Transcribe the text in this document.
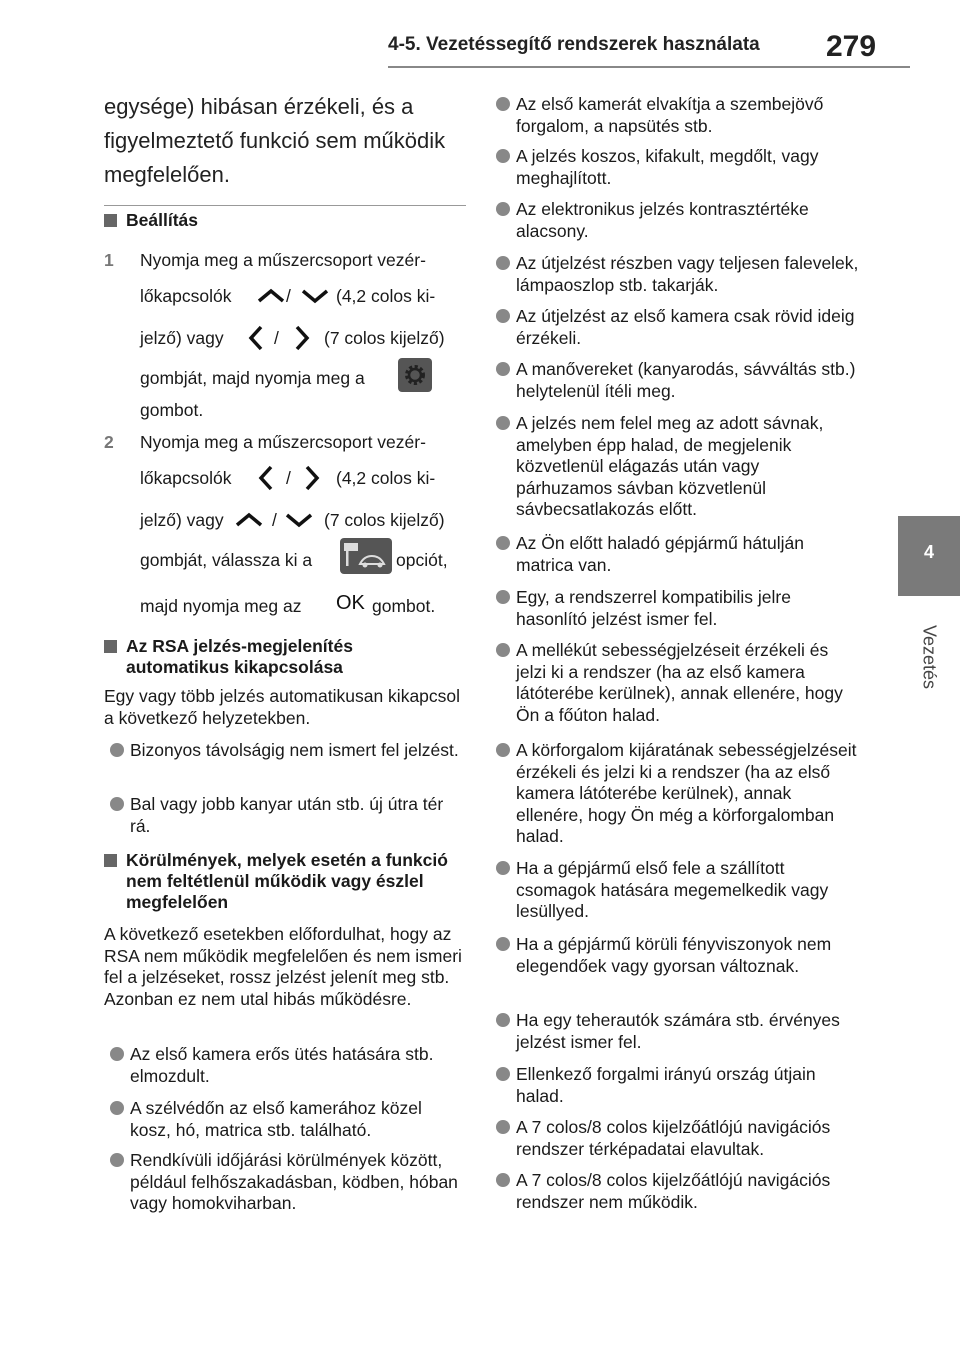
4-5. Vezetéssegítő rendszerek használata 279
4
Vezetés
egysége) hibásan érzékeli, és a figyelmeztető funkció sem működik megfelelően.
Beállítás
1 Nyomja meg a műszercsoport vezér-
lőkapcsolók	/	(4,2 colos ki-
jelző) vagy	/	(7 colos kijelző)
gombját, majd nyomja meg a
gombot.
2 Nyomja meg a műszercsoport vezér-
lőkapcsolók	/	(4,2 colos ki-
jelző) vagy	/	(7 colos kijelző)
gombját, válassza ki a	opciót,
majd nyomja meg az OK gombot.
Az RSA jelzés-megjelenítés automatikus kikapcsolása
Egy vagy több jelzés automatikusan kikapcsol a következő helyzetekben.
Bizonyos távolságig nem ismert fel jelzést.
Bal vagy jobb kanyar után stb. új útra tér rá.
Körülmények, melyek esetén a funkció nem feltétlenül működik vagy észlel megfelelően
A következő esetekben előfordulhat, hogy az RSA nem működik megfelelően és nem ismeri fel a jelzéseket, rossz jelzést jelenít meg stb. Azonban ez nem utal hibás működésre.
Az első kamera erős ütés hatására stb. elmozdult.
A szélvédőn az első kamerához közel kosz, hó, matrica stb. található.
Rendkívüli időjárási körülmények között, például felhőszakadásban, ködben, hóban vagy homokviharban.
Az első kamerát elvakítja a szembejövő forgalom, a napsütés stb.
A jelzés koszos, kifakult, megdőlt, vagy meghajlított.
Az elektronikus jelzés kontrasztértéke alacsony.
Az útjelzést részben vagy teljesen falevelek, lámpaoszlop stb. takarják.
Az útjelzést az első kamera csak rövid ideig érzékeli.
A manővereket (kanyarodás, sávváltás stb.) helytelenül ítéli meg.
A jelzés nem felel meg az adott sávnak, amelyben épp halad, de megjelenik közvetlenül elágazás után vagy párhuzamos sávban közvetlenül sávbecsatlakozás előtt.
Az Ön előtt haladó gépjármű hátulján matrica van.
Egy, a rendszerrel kompatibilis jelre hasonlító jelzést ismer fel.
A mellékút sebességjelzéseit érzékeli és jelzi ki a rendszer (ha az első kamera látóterébe kerülnek), annak ellenére, hogy Ön a főúton halad.
A körforgalom kijáratának sebességjelzéseit érzékeli és jelzi ki a rendszer (ha az első kamera látóterébe kerülnek), annak ellenére, hogy Ön még a körforgalomban halad.
Ha a gépjármű első fele a szállított csomagok hatására megemelkedik vagy lesüllyed.
Ha a gépjármű körüli fényviszonyok nem elegendőek vagy gyorsan változnak.
Ha egy teherautók számára stb. érvényes jelzést ismer fel.
Ellenkező forgalmi irányú ország útjain halad.
A 7 colos/8 colos kijelzőátlójú navigációs rendszer térképadatai elavultak.
A 7 colos/8 colos kijelzőátlójú navigációs rendszer nem működik.
